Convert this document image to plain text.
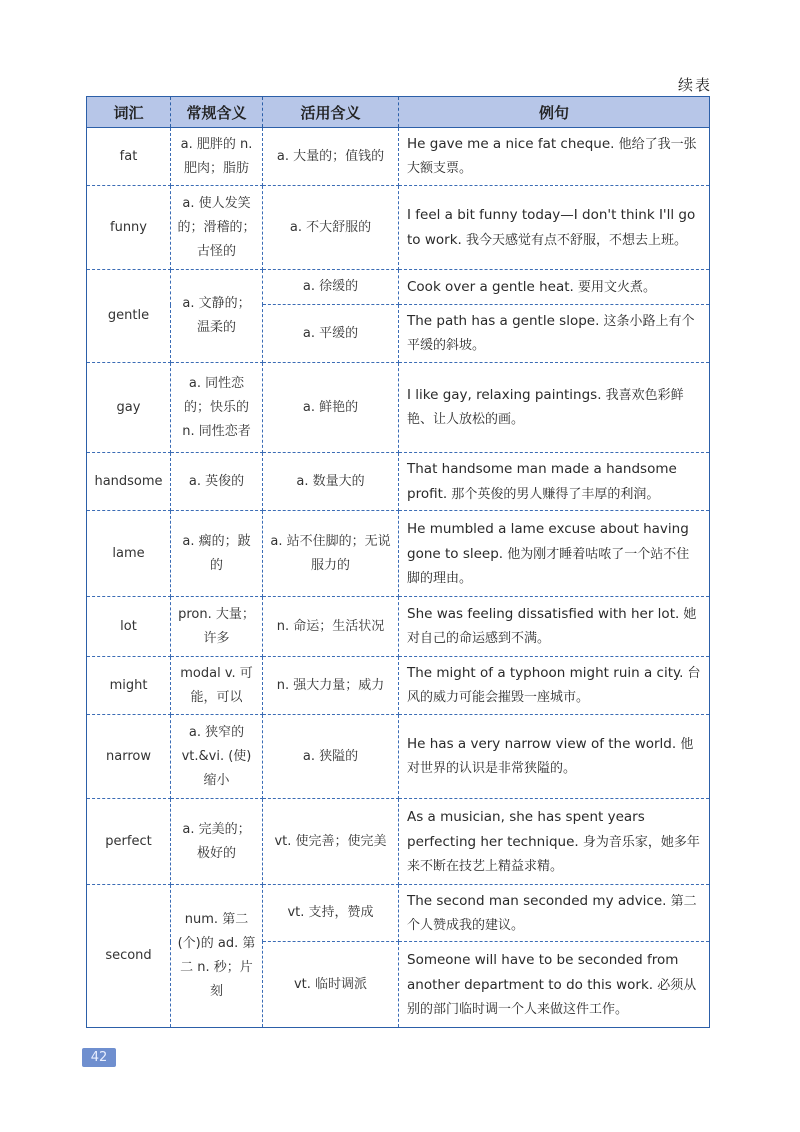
续表
词汇	常规含义	活用含义	例句
fat	a. 肥胖的 n. 肥肉；脂肪	a. 大量的；值钱的	He gave me a nice fat cheque. 他给了我一张大额支票。
funny	a. 使人发笑的；滑稽的；古怪的	a. 不大舒服的	I feel a bit funny today—I don't think I'll go to work. 我今天感觉有点不舒服，不想去上班。
gentle	a. 文静的；温柔的	a. 徐缓的	Cook over a gentle heat. 要用文火煮。
		a. 平缓的	The path has a gentle slope. 这条小路上有个平缓的斜坡。
gay	a. 同性恋的；快乐的 n. 同性恋者	a. 鲜艳的	I like gay, relaxing paintings. 我喜欢色彩鲜艳、让人放松的画。
handsome	a. 英俊的	a. 数量大的	That handsome man made a handsome profit. 那个英俊的男人赚得了丰厚的利润。
lame	a. 瘸的；跛的	a. 站不住脚的；无说服力的	He mumbled a lame excuse about having gone to sleep. 他为刚才睡着咕哝了一个站不住脚的理由。
lot	pron. 大量；许多	n. 命运；生活状况	She was feeling dissatisfied with her lot. 她对自己的命运感到不满。
might	modal v. 可能，可以	n. 强大力量；威力	The might of a typhoon might ruin a city. 台风的威力可能会摧毁一座城市。
narrow	a. 狭窄的 vt.&vi. (使)缩小	a. 狭隘的	He has a very narrow view of the world. 他对世界的认识是非常狭隘的。
perfect	a. 完美的；极好的	vt. 使完善；使完美	As a musician, she has spent years perfecting her technique. 身为音乐家，她多年来不断在技艺上精益求精。
second	num. 第二(个)的 ad. 第二 n. 秒；片刻	vt. 支持，赞成	The second man seconded my advice. 第二个人赞成我的建议。
		vt. 临时调派	Someone will have to be seconded from another department to do this work. 必须从别的部门临时调一个人来做这件工作。
42
